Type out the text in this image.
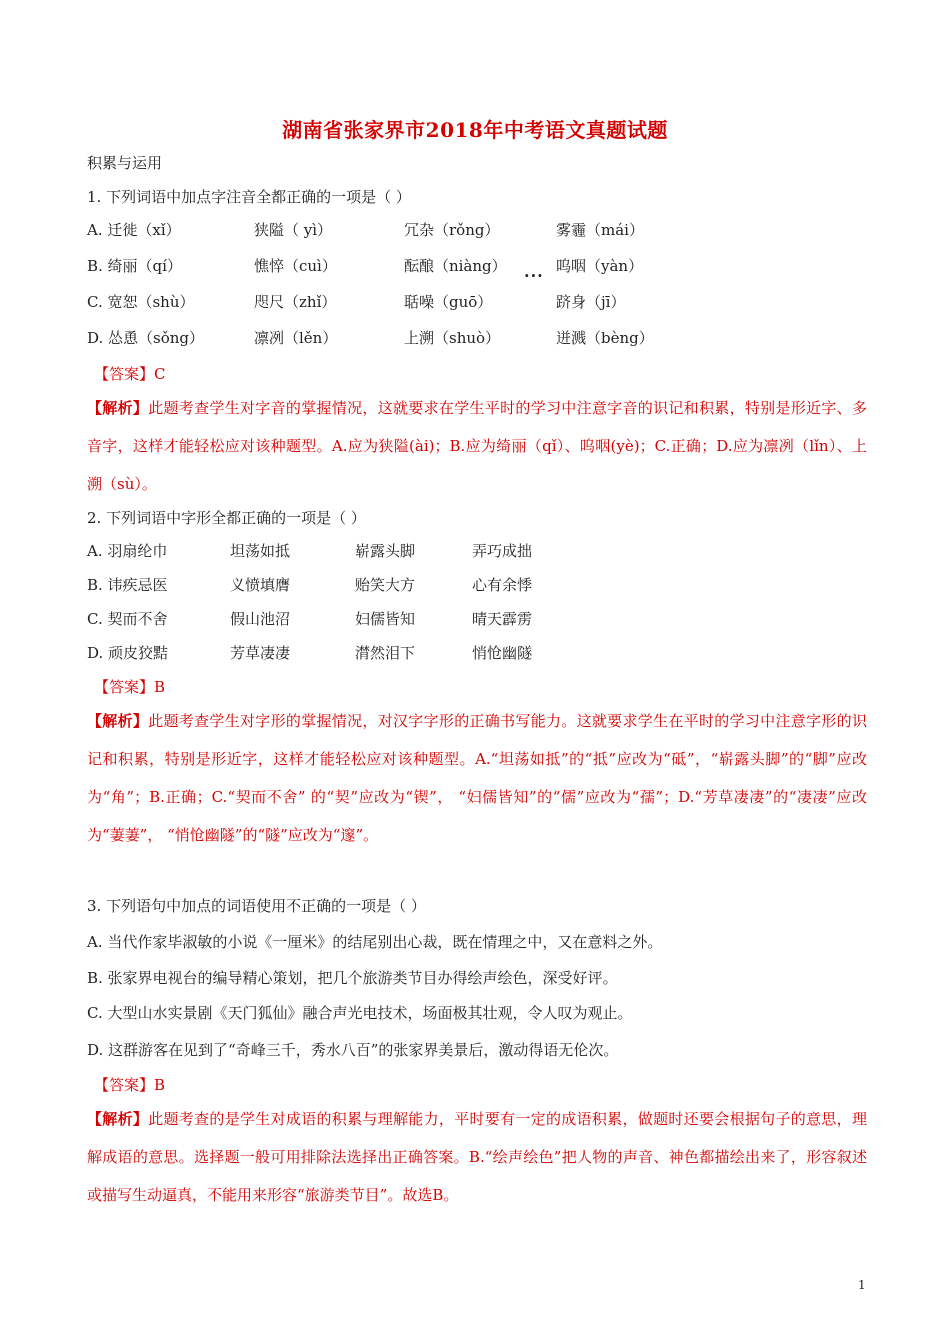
湖南省张家界市2018年中考语文真题试题
积累与运用
1. 下列词语中加点字注音全都正确的一项是（ ）
A. 迁徙（xǐ）	狭隘（ yì）	冗杂（rǒng）	雾霾（mái）
B. 绮丽（qí）	憔悴（cuì）	酝酿（niàng）	呜咽（yàn）
···
C. 宽恕（shù）	咫尺（zhǐ）	聒噪（guō）	跻身（jī）
D. 怂恿（sǒng）	凛冽（lěn）	上溯（shuò）	迸溅（bèng）
【答案】C
【解析】此题考查学生对字音的掌握情况，这就要求在学生平时的学习中注意字音的识记和积累，特别是形近字、多音字，这样才能轻松应对该种题型。A.应为狭隘(ài)；B.应为绮丽（qǐ）、呜咽(yè)；C.正确；D.应为凛冽（lǐn）、上溯（sù）。
2. 下列词语中字形全都正确的一项是（ ）
A. 羽扇纶巾	坦荡如抵	崭露头脚	弄巧成拙
B. 讳疾忌医	义愤填膺	贻笑大方	心有余悸
C. 契而不舍	假山池沼	妇儒皆知	晴天霹雳
D. 顽皮狡黠	芳草凄凄	潸然泪下	悄怆幽隧
【答案】B
【解析】此题考查学生对字形的掌握情况，对汉字字形的正确书写能力。这就要求学生在平时的学习中注意字形的识记和积累，特别是形近字，这样才能轻松应对该种题型。A.“坦荡如抵”的“抵”应改为“砥”，“崭露头脚”的“脚”应改为“角”；B.正确；C.“契而不舍” 的“契”应改为“锲”， “妇儒皆知”的“儒”应改为“孺”；D.“芳草凄凄”的“凄凄”应改为“萋萋”， “悄怆幽隧”的“隧”应改为“邃”。
3. 下列语句中加点的词语使用不正确的一项是（ ）
A. 当代作家毕淑敏的小说《一厘米》的结尾别出心裁，既在情理之中，又在意料之外。
B. 张家界电视台的编导精心策划，把几个旅游类节目办得绘声绘色，深受好评。
C. 大型山水实景剧《天门狐仙》融合声光电技术，场面极其壮观，令人叹为观止。
D. 这群游客在见到了“奇峰三千，秀水八百”的张家界美景后，激动得语无伦次。
【答案】B
【解析】此题考查的是学生对成语的积累与理解能力，平时要有一定的成语积累，做题时还要会根据句子的意思，理解成语的意思。选择题一般可用排除法选择出正确答案。B.“绘声绘色”把人物的声音、神色都描绘出来了，形容叙述或描写生动逼真，不能用来形容“旅游类节目”。故选B。
1
